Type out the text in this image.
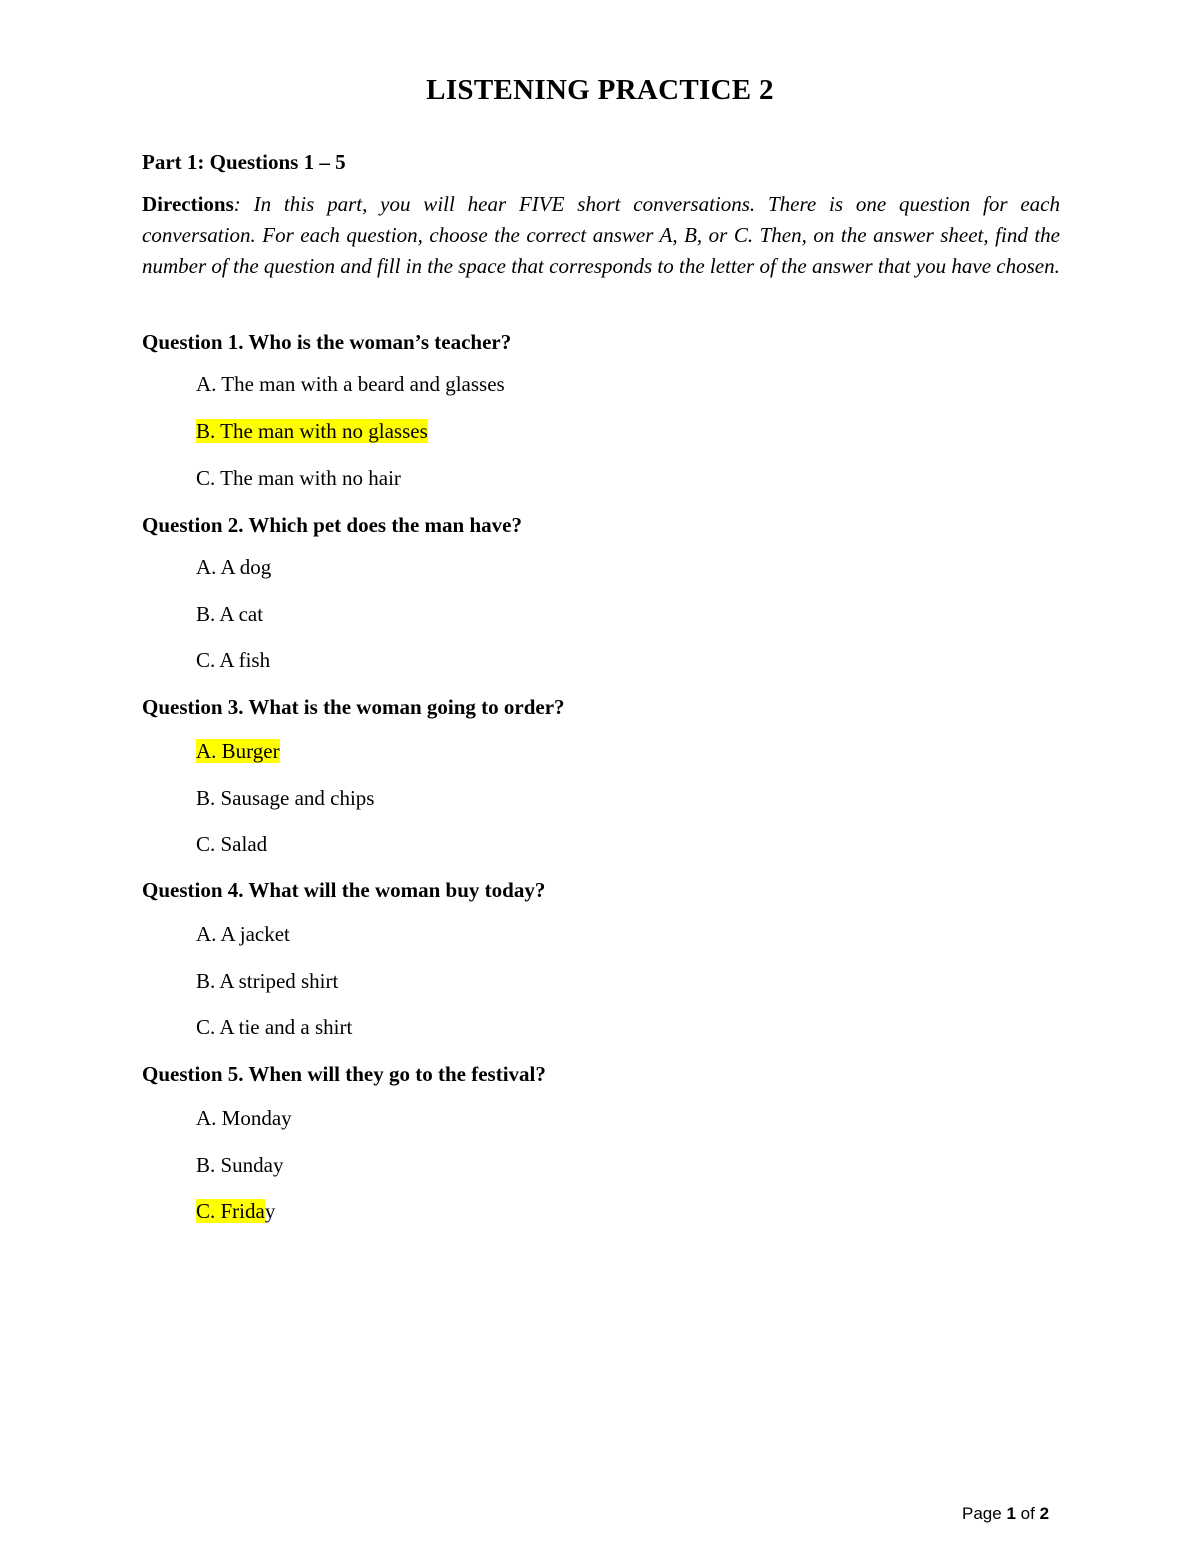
LISTENING PRACTICE 2
Part 1: Questions 1 – 5
Directions: In this part, you will hear FIVE short conversations. There is one question for each conversation. For each question, choose the correct answer A, B, or C. Then, on the answer sheet, find the number of the question and fill in the space that corresponds to the letter of the answer that you have chosen.
Question 1. Who is the woman’s teacher?
A. The man with a beard and glasses
B. The man with no glasses
C. The man with no hair
Question 2. Which pet does the man have?
A. A dog
B. A cat
C. A fish
Question 3. What is the woman going to order?
A. Burger
B. Sausage and chips
C. Salad
Question 4. What will the woman buy today?
A. A jacket
B. A striped shirt
C. A tie and a shirt
Question 5. When will they go to the festival?
A. Monday
B. Sunday
C. Friday
Page 1 of 2
